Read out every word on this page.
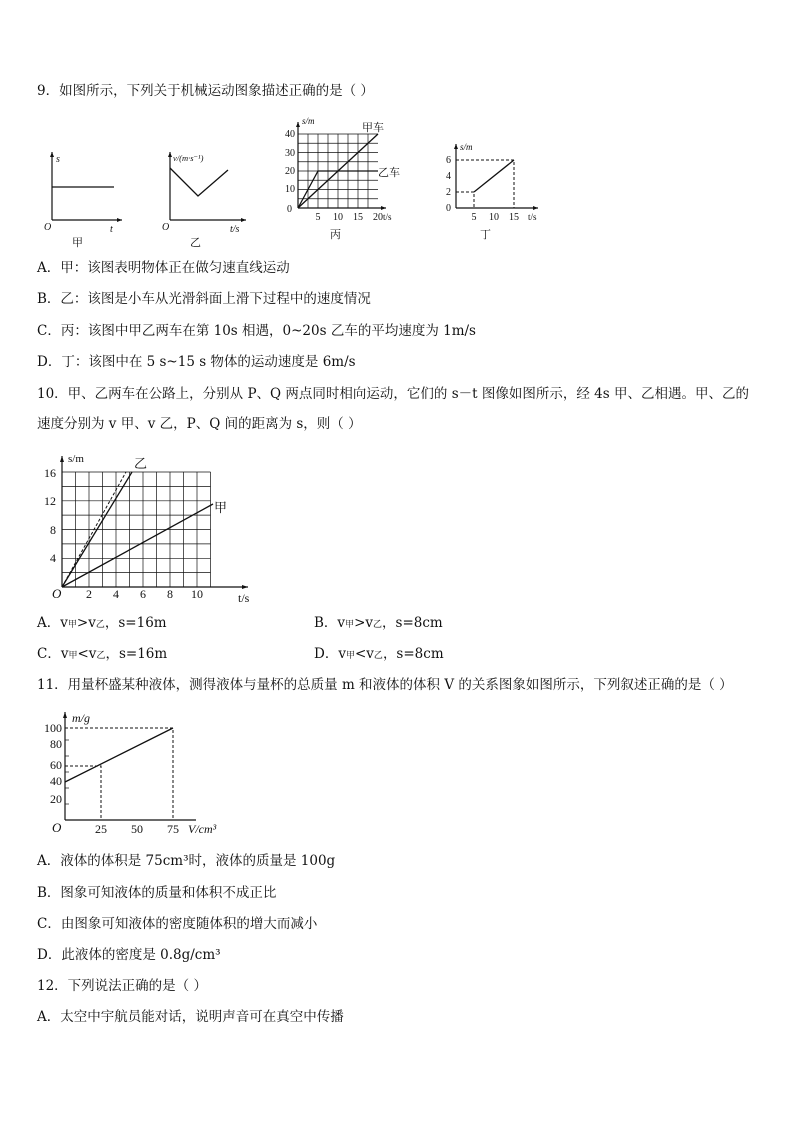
9．如图所示，下列关于机械运动图象描述正确的是（ ）
s
t
O
甲
v/(m·s⁻¹)
t/s
O
乙
s/m
甲车
乙车
0
10
20
30
40
5 10 15 20 t/s
丙
s/m
0
2
4
6
5 10 15 t/s
丁
A．甲：该图表明物体正在做匀速直线运动
B．乙：该图是小车从光滑斜面上滑下过程中的速度情况
C．丙：该图中甲乙两车在第 10s 相遇，0~20s 乙车的平均速度为 1m/s
D．丁：该图中在 5 s~15 s 物体的运动速度是 6m/s
10．甲、乙两车在公路上，分别从 P、Q 两点同时相向运动，它们的 s－t 图像如图所示，经 4s 甲、乙相遇。甲、乙的
速度分别为 v 甲、v 乙，P、Q 间的距离为 s，则（ ）
s/m	乙
甲
O
4
8
12
16
2 4 6 8 10	t/s
A．v甲>v乙，s=16m	B．v甲>v乙，s=8cm
C．v甲<v乙，s=16m	D．v甲<v乙，s=8cm
11．用量杯盛某种液体，测得液体与量杯的总质量 m 和液体的体积 V 的关系图象如图所示，下列叙述正确的是（ ）
m/g
100
80
60
40
20
O	25 50 75 V/cm³
A．液体的体积是 75cm³时，液体的质量是 100g
B．图象可知液体的质量和体积不成正比
C．由图象可知液体的密度随体积的增大而减小
D．此液体的密度是 0.8g/cm³
12．下列说法正确的是（ ）
A．太空中宇航员能对话，说明声音可在真空中传播
